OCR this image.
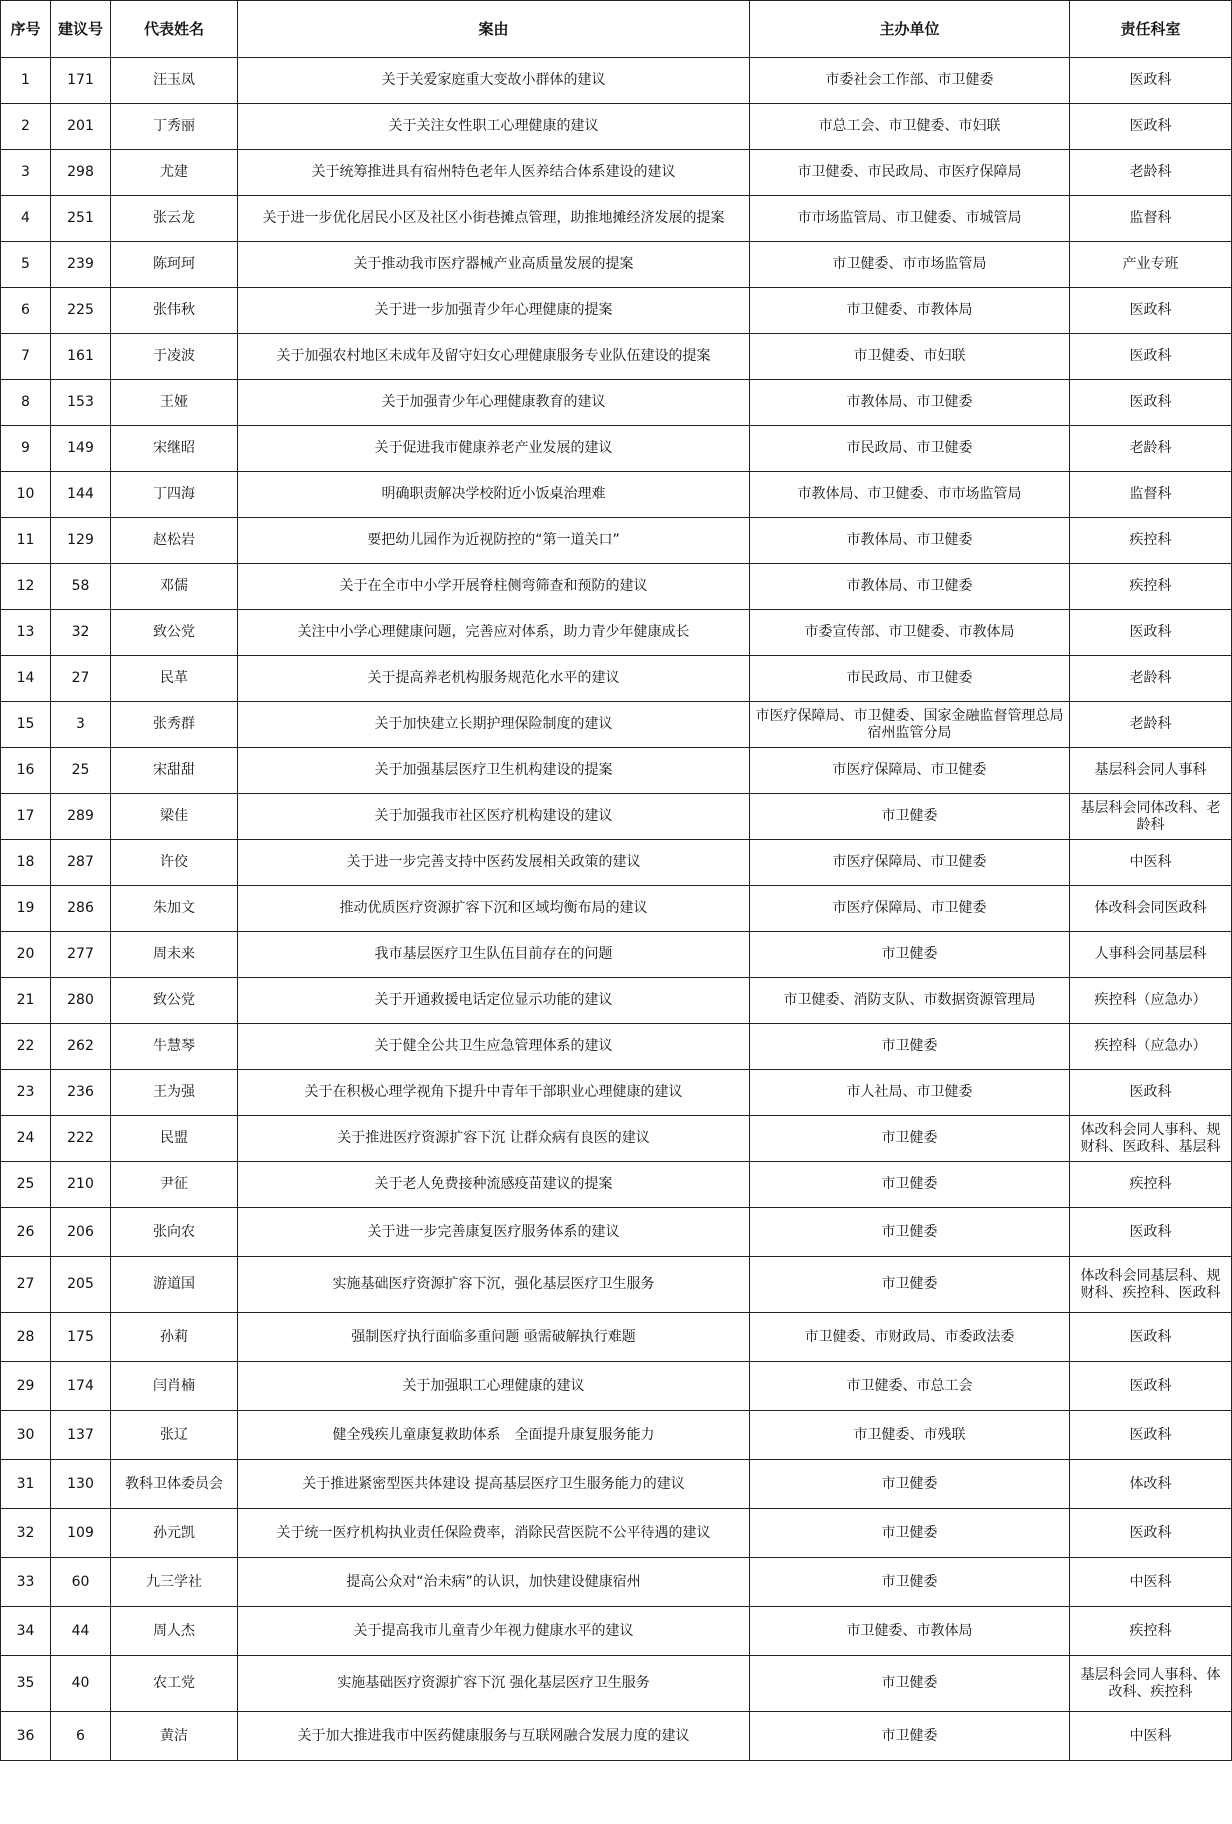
序号	建议号	代表姓名	案由	主办单位	责任科室
1	171	汪玉凤	关于关爱家庭重大变故小群体的建议	市委社会工作部、市卫健委	医政科
2	201	丁秀丽	关于关注女性职工心理健康的建议	市总工会、市卫健委、市妇联	医政科
3	298	尤建	关于统筹推进具有宿州特色老年人医养结合体系建设的建议	市卫健委、市民政局、市医疗保障局	老龄科
4	251	张云龙	关于进一步优化居民小区及社区小街巷摊点管理，助推地摊经济发展的提案	市市场监管局、市卫健委、市城管局	监督科
5	239	陈珂珂	关于推动我市医疗器械产业高质量发展的提案	市卫健委、市市场监管局	产业专班
6	225	张伟秋	关于进一步加强青少年心理健康的提案	市卫健委、市教体局	医政科
7	161	于凌波	关于加强农村地区未成年及留守妇女心理健康服务专业队伍建设的提案	市卫健委、市妇联	医政科
8	153	王娅	关于加强青少年心理健康教育的建议	市教体局、市卫健委	医政科
9	149	宋继昭	关于促进我市健康养老产业发展的建议	市民政局、市卫健委	老龄科
10	144	丁四海	明确职责解决学校附近小饭桌治理难	市教体局、市卫健委、市市场监管局	监督科
11	129	赵松岩	要把幼儿园作为近视防控的“第一道关口”	市教体局、市卫健委	疾控科
12	58	邓儒	关于在全市中小学开展脊柱侧弯筛查和预防的建议	市教体局、市卫健委	疾控科
13	32	致公党	关注中小学心理健康问题，完善应对体系，助力青少年健康成长	市委宣传部、市卫健委、市教体局	医政科
14	27	民革	关于提高养老机构服务规范化水平的建议	市民政局、市卫健委	老龄科
15	3	张秀群	关于加快建立长期护理保险制度的建议	市医疗保障局、市卫健委、国家金融监督管理总局宿州监管分局	老龄科
16	25	宋甜甜	关于加强基层医疗卫生机构建设的提案	市医疗保障局、市卫健委	基层科会同人事科
17	289	梁佳	关于加强我市社区医疗机构建设的建议	市卫健委	基层科会同体改科、老龄科
18	287	许佼	关于进一步完善支持中医药发展相关政策的建议	市医疗保障局、市卫健委	中医科
19	286	朱加文	推动优质医疗资源扩容下沉和区域均衡布局的建议	市医疗保障局、市卫健委	体改科会同医政科
20	277	周未来	我市基层医疗卫生队伍目前存在的问题	市卫健委	人事科会同基层科
21	280	致公党	关于开通救援电话定位显示功能的建议	市卫健委、消防支队、市数据资源管理局	疾控科（应急办）
22	262	牛慧琴	关于健全公共卫生应急管理体系的建议	市卫健委	疾控科（应急办）
23	236	王为强	关于在积极心理学视角下提升中青年干部职业心理健康的建议	市人社局、市卫健委	医政科
24	222	民盟	关于推进医疗资源扩容下沉 让群众病有良医的建议	市卫健委	体改科会同人事科、规财科、医政科、基层科
25	210	尹征	关于老人免费接种流感疫苗建议的提案	市卫健委	疾控科
26	206	张向农	关于进一步完善康复医疗服务体系的建议	市卫健委	医政科
27	205	游道国	实施基础医疗资源扩容下沉，强化基层医疗卫生服务	市卫健委	体改科会同基层科、规财科、疾控科、医政科
28	175	孙莉	强制医疗执行面临多重问题 亟需破解执行难题	市卫健委、市财政局、市委政法委	医政科
29	174	闫肖楠	关于加强职工心理健康的建议	市卫健委、市总工会	医政科
30	137	张辽	健全残疾儿童康复救助体系　全面提升康复服务能力	市卫健委、市残联	医政科
31	130	教科卫体委员会	关于推进紧密型医共体建设 提高基层医疗卫生服务能力的建议	市卫健委	体改科
32	109	孙元凯	关于统一医疗机构执业责任保险费率，消除民营医院不公平待遇的建议	市卫健委	医政科
33	60	九三学社	提高公众对“治未病”的认识，加快建设健康宿州	市卫健委	中医科
34	44	周人杰	关于提高我市儿童青少年视力健康水平的建议	市卫健委、市教体局	疾控科
35	40	农工党	实施基础医疗资源扩容下沉 强化基层医疗卫生服务	市卫健委	基层科会同人事科、体改科、疾控科
36	6	黄洁	关于加大推进我市中医药健康服务与互联网融合发展力度的建议	市卫健委	中医科
